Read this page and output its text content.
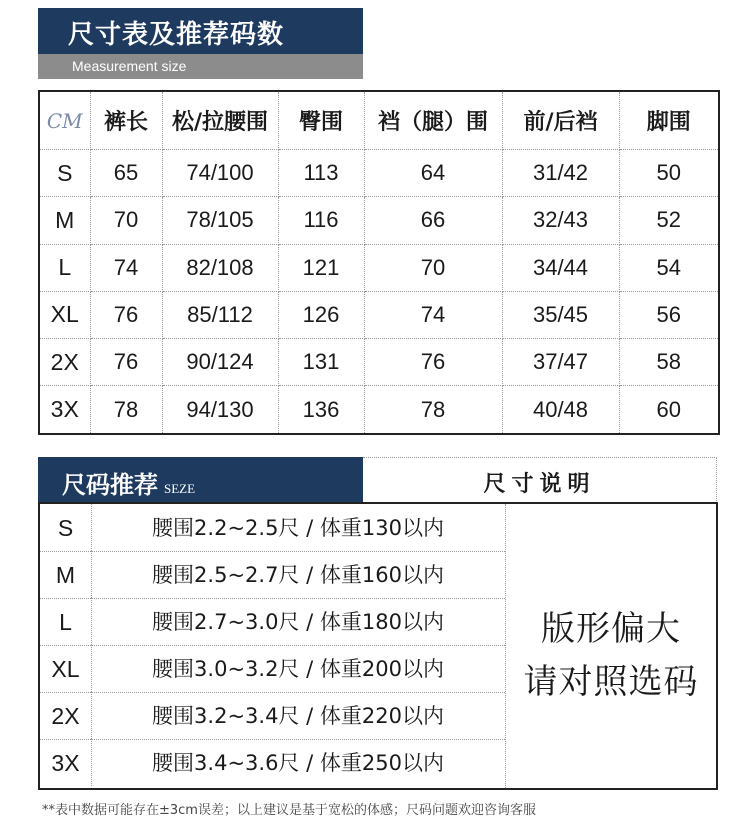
尺寸表及推荐码数
Measurement size
CM	裤长	松/拉腰围	臀围	裆（腿）围	前/后裆	脚围
S	65	74/100	113	64	31/42	50
M	70	78/105	116	66	32/43	52
L	74	82/108	121	70	34/44	54
XL	76	85/112	126	74	35/45	56
2X	76	90/124	131	76	37/47	58
3X	78	94/130	136	78	40/48	60
尺码推荐 SEZE	尺寸说明
S	腰围2.2~2.5尺 / 体重130以内
M	腰围2.5~2.7尺 / 体重160以内
L	腰围2.7~3.0尺 / 体重180以内
XL	腰围3.0~3.2尺 / 体重200以内
2X	腰围3.2~3.4尺 / 体重220以内
3X	腰围3.4~3.6尺 / 体重250以内
版形偏大
请对照选码
**表中数据可能存在±3cm误差；以上建议是基于宽松的体感；尺码问题欢迎咨询客服
